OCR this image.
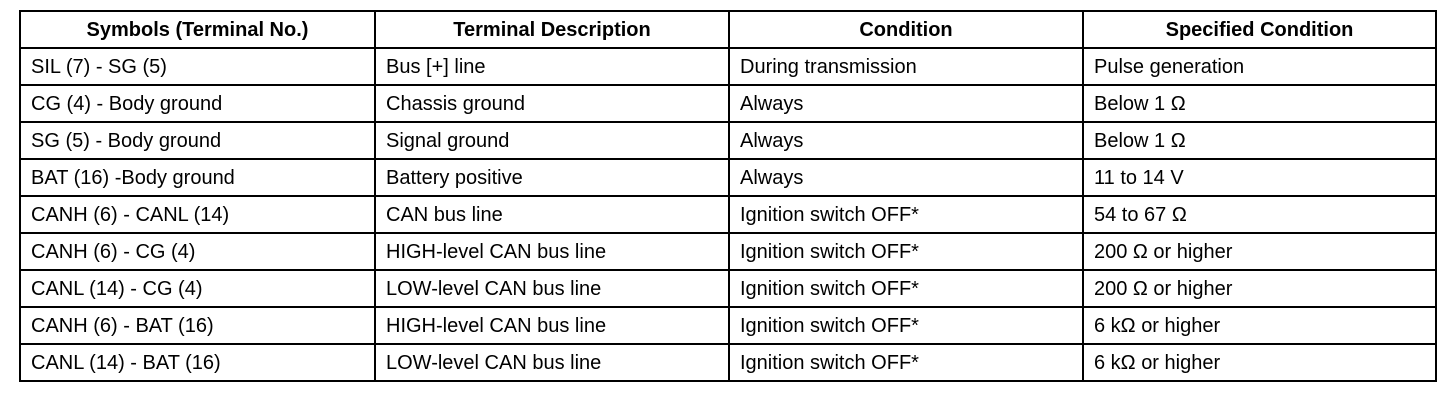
Symbols (Terminal No.)	Terminal Description	Condition	Specified Condition
SIL (7) - SG (5)	Bus [+] line	During transmission	Pulse generation
CG (4) - Body ground	Chassis ground	Always	Below 1 Ω
SG (5) - Body ground	Signal ground	Always	Below 1 Ω
BAT (16) -Body ground	Battery positive	Always	11 to 14 V
CANH (6) - CANL (14)	CAN bus line	Ignition switch OFF*	54 to 67 Ω
CANH (6) - CG (4)	HIGH-level CAN bus line	Ignition switch OFF*	200 Ω or higher
CANL (14) - CG (4)	LOW-level CAN bus line	Ignition switch OFF*	200 Ω or higher
CANH (6) - BAT (16)	HIGH-level CAN bus line	Ignition switch OFF*	6 kΩ or higher
CANL (14) - BAT (16)	LOW-level CAN bus line	Ignition switch OFF*	6 kΩ or higher
